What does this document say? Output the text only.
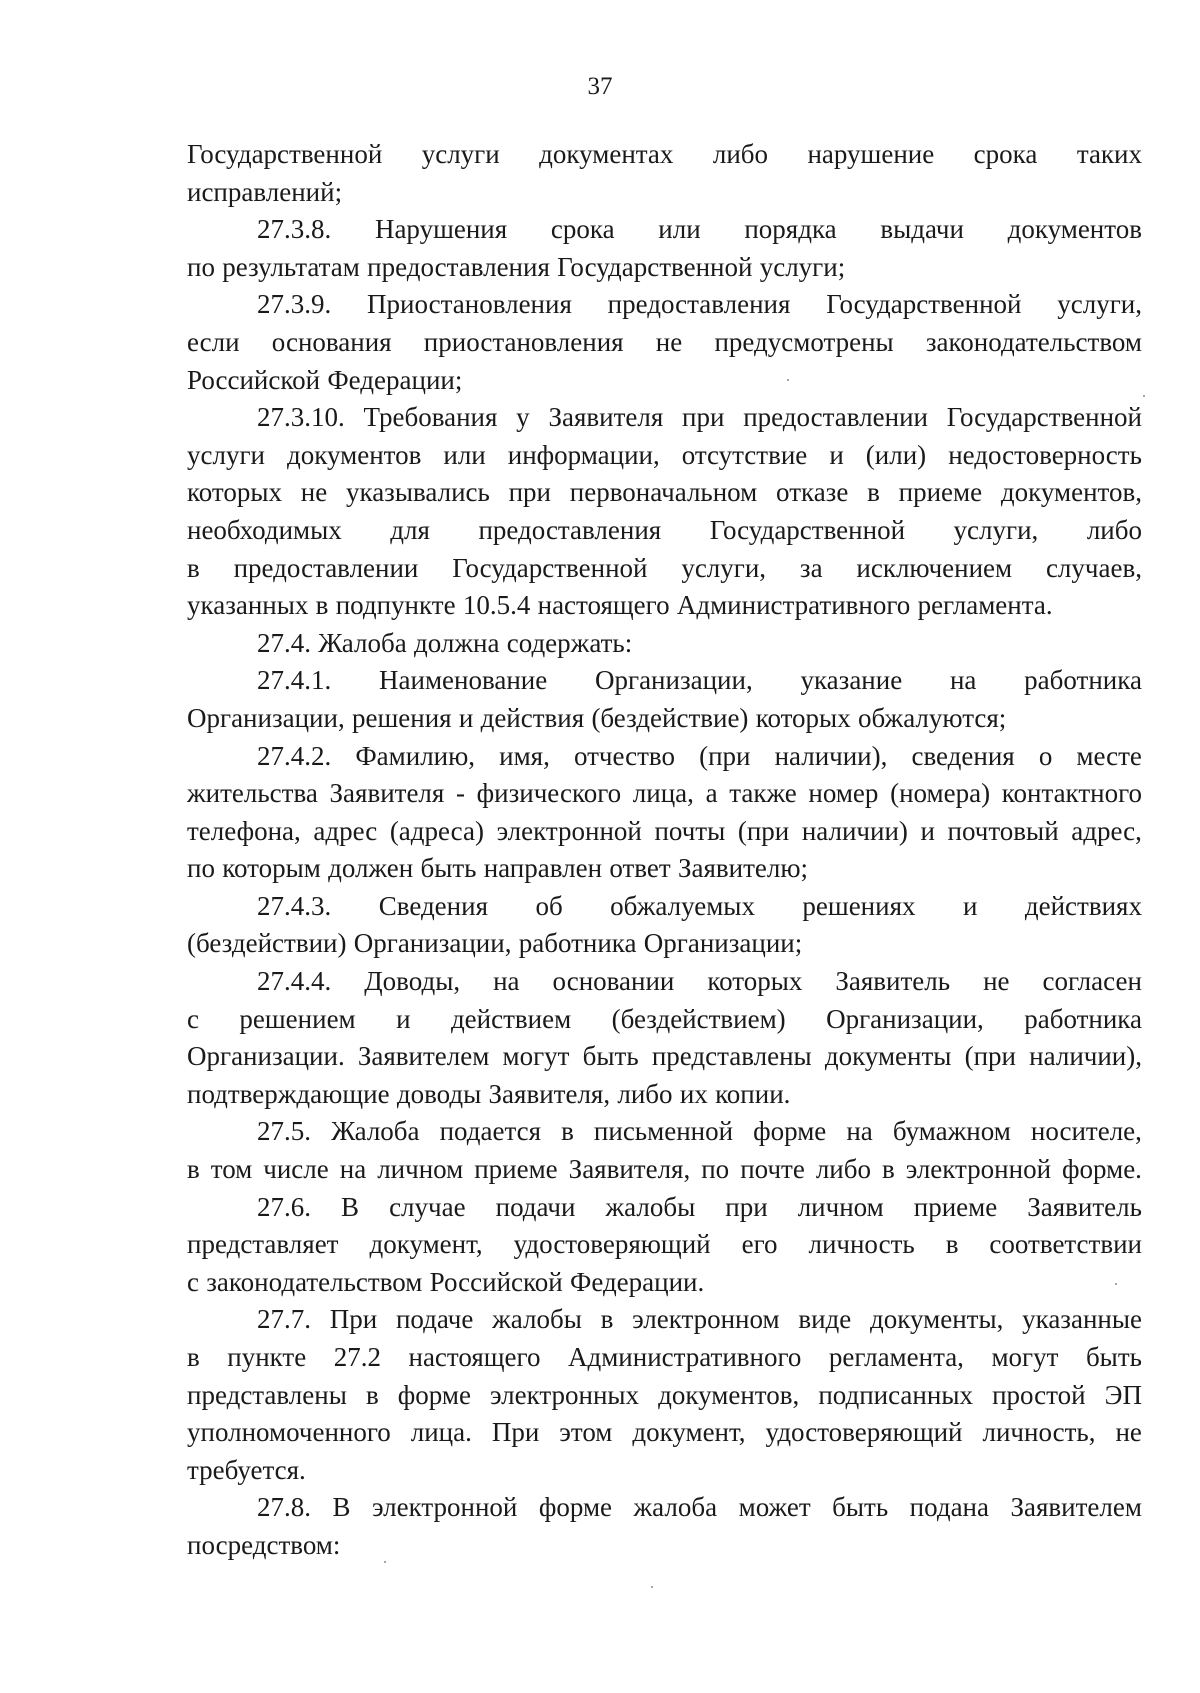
37
Государственной услуги документах либо нарушение срока таких
исправлений;
27.3.8. Нарушения срока или порядка выдачи документов
по результатам предоставления Государственной услуги;
27.3.9. Приостановления предоставления Государственной услуги,
если основания приостановления не предусмотрены законодательством
Российской Федерации;
27.3.10. Требования у Заявителя при предоставлении Государственной
услуги документов или информации, отсутствие и (или) недостоверность
которых не указывались при первоначальном отказе в приеме документов,
необходимых для предоставления Государственной услуги, либо
в предоставлении Государственной услуги, за исключением случаев,
указанных в подпункте 10.5.4 настоящего Административного регламента.
27.4. Жалоба должна содержать:
27.4.1. Наименование Организации, указание на работника
Организации, решения и действия (бездействие) которых обжалуются;
27.4.2. Фамилию, имя, отчество (при наличии), сведения о месте
жительства Заявителя - физического лица, а также номер (номера) контактного
телефона, адрес (адреса) электронной почты (при наличии) и почтовый адрес,
по которым должен быть направлен ответ Заявителю;
27.4.3. Сведения об обжалуемых решениях и действиях
(бездействии) Организации, работника Организации;
27.4.4. Доводы, на основании которых Заявитель не согласен
с решением и действием (бездействием) Организации, работника
Организации. Заявителем могут быть представлены документы (при наличии),
подтверждающие доводы Заявителя, либо их копии.
27.5. Жалоба подается в письменной форме на бумажном носителе,
в том числе на личном приеме Заявителя, по почте либо в электронной форме.
27.6. В случае подачи жалобы при личном приеме Заявитель
представляет документ, удостоверяющий его личность в соответствии
с законодательством Российской Федерации.
27.7. При подаче жалобы в электронном виде документы, указанные
в пункте 27.2 настоящего Административного регламента, могут быть
представлены в форме электронных документов, подписанных простой ЭП
уполномоченного лица. При этом документ, удостоверяющий личность, не
требуется.
27.8. В электронной форме жалоба может быть подана Заявителем
посредством:
